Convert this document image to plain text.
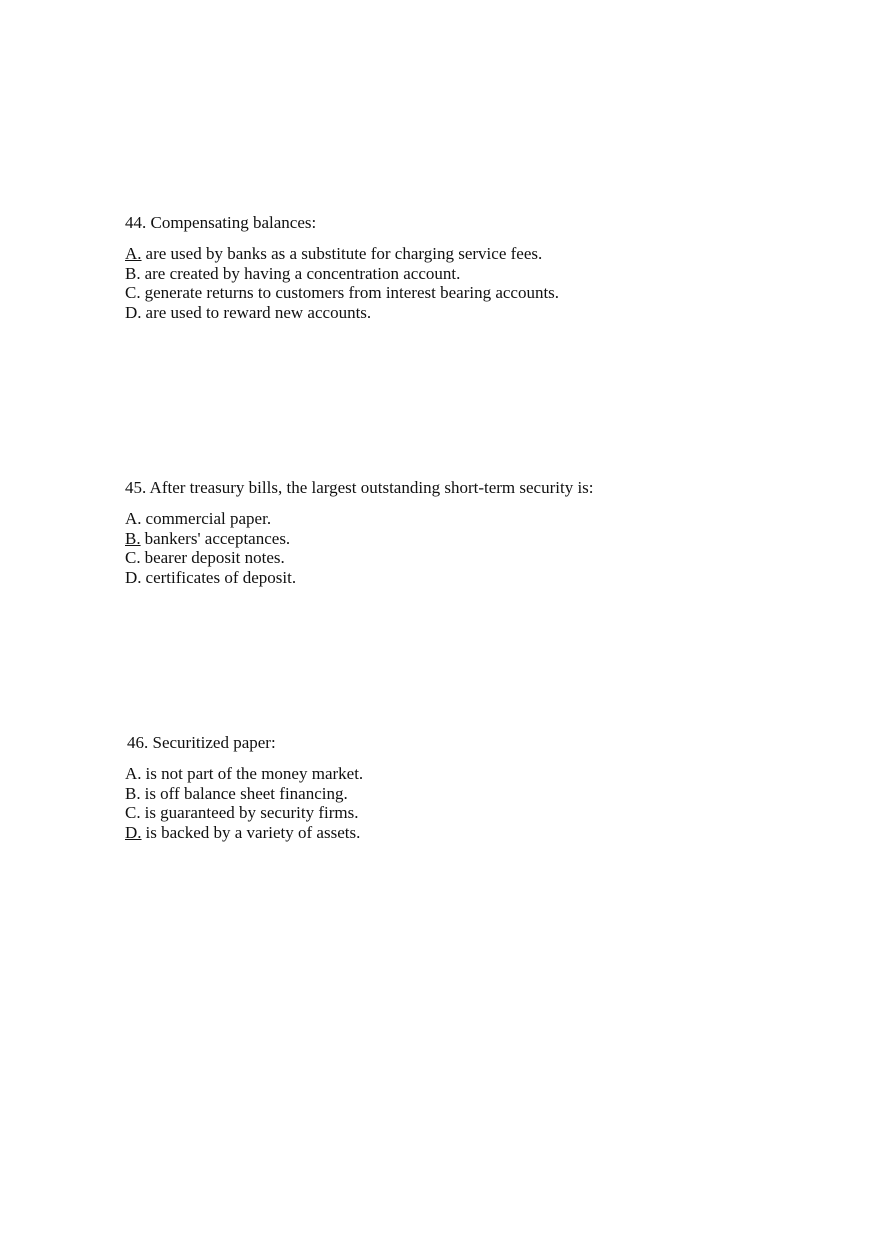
44. Compensating balances:

A. are used by banks as a substitute for charging service fees.
B. are created by having a concentration account.
C. generate returns to customers from interest bearing accounts.
D. are used to reward new accounts.

45. After treasury bills, the largest outstanding short-term security is:

A. commercial paper.
B. bankers' acceptances.
C. bearer deposit notes.
D. certificates of deposit.

46. Securitized paper:

A. is not part of the money market.
B. is off balance sheet financing.
C. is guaranteed by security firms.
D. is backed by a variety of assets.
